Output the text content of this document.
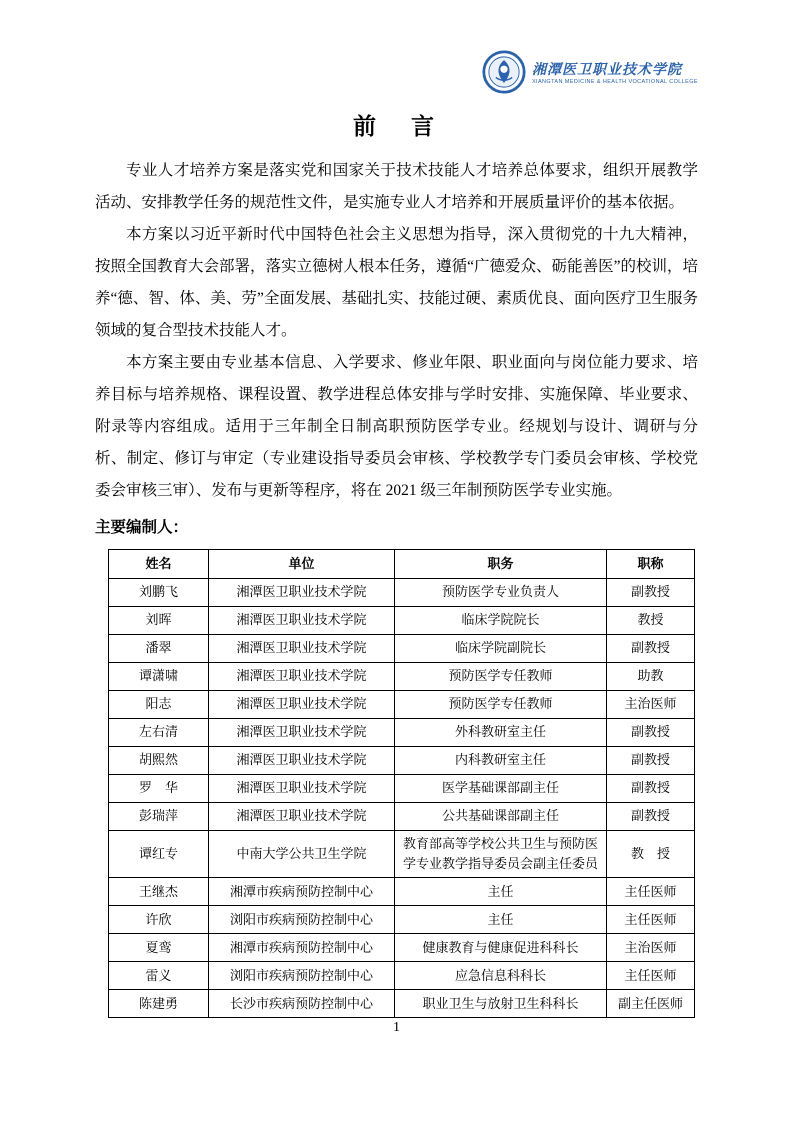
湘潭医卫职业技术学院
XIANGTAN MEDICINE & HEALTH VOCATIONAL COLLEGE
前　言

专业人才培养方案是落实党和国家关于技术技能人才培养总体要求，组织开展教学活动、安排教学任务的规范性文件，是实施专业人才培养和开展质量评价的基本依据。

本方案以习近平新时代中国特色社会主义思想为指导，深入贯彻党的十九大精神，按照全国教育大会部署，落实立德树人根本任务，遵循“广德爱众、砺能善医”的校训，培养“德、智、体、美、劳”全面发展、基础扎实、技能过硬、素质优良、面向医疗卫生服务领域的复合型技术技能人才。

本方案主要由专业基本信息、入学要求、修业年限、职业面向与岗位能力要求、培养目标与培养规格、课程设置、教学进程总体安排与学时安排、实施保障、毕业要求、附录等内容组成。适用于三年制全日制高职预防医学专业。经规划与设计、调研与分析、制定、修订与审定（专业建设指导委员会审核、学校教学专门委员会审核、学校党委会审核三审）、发布与更新等程序，将在 2021 级三年制预防医学专业实施。

主要编制人：
姓名	单位	职务	职称
刘鹏飞	湘潭医卫职业技术学院	预防医学专业负责人	副教授
刘晖	湘潭医卫职业技术学院	临床学院院长	教授
潘翠	湘潭医卫职业技术学院	临床学院副院长	副教授
谭潇啸	湘潭医卫职业技术学院	预防医学专任教师	助教
阳志	湘潭医卫职业技术学院	预防医学专任教师	主治医师
左右清	湘潭医卫职业技术学院	外科教研室主任	副教授
胡熙然	湘潭医卫职业技术学院	内科教研室主任	副教授
罗　华	湘潭医卫职业技术学院	医学基础课部副主任	副教授
彭瑞萍	湘潭医卫职业技术学院	公共基础课部副主任	副教授
谭红专	中南大学公共卫生学院	教育部高等学校公共卫生与预防医学专业教学指导委员会副主任委员	教　授
王继杰	湘潭市疾病预防控制中心	主任	主任医师
许欣	浏阳市疾病预防控制中心	主任	主任医师
夏鸾	湘潭市疾病预防控制中心	健康教育与健康促进科科长	主治医师
雷义	浏阳市疾病预防控制中心	应急信息科科长	主任医师
陈建勇	长沙市疾病预防控制中心	职业卫生与放射卫生科科长	副主任医师
1
